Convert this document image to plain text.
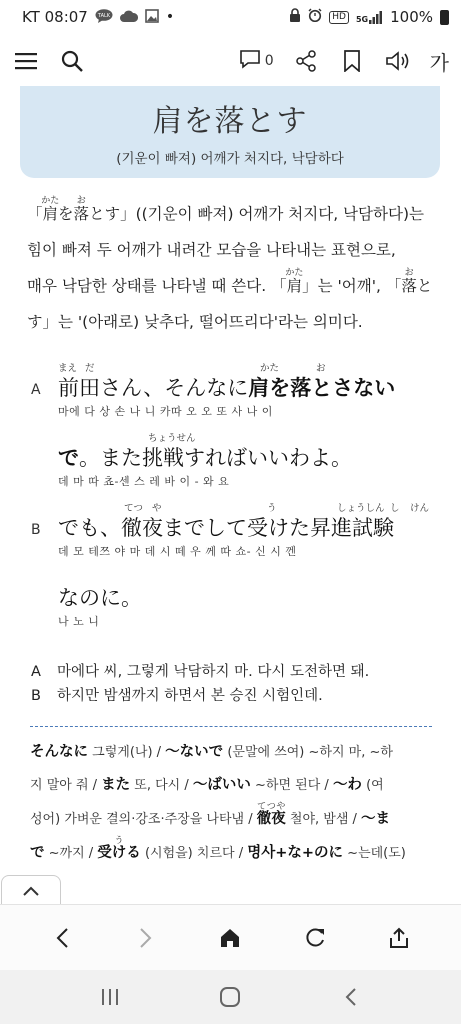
KT 08:07 TALK	•	HD	5G 100%
0	가
肩を落とす
(기운이 빠져) 어깨가 처지다, 낙담하다
「肩かたを落おとす」((기운이 빠져) 어깨가 처지다, 낙담하다)는
힘이 빠져 두 어깨가 내려간 모습을 나타내는 표현으로,
매우 낙담한 상태를 나타낼 때 쓴다. 「肩かた」는 '어깨', 「落おと
す」는 '(아래로) 낮추다, 떨어뜨리다'라는 의미다.
まえ だ	かた	お
A 前田さん、そんなに肩を落とさない
마에 다 상 손 나 니 카따 오 오 또 사 나 이
ちょうせん
で。また挑戦すればいいわよ。
데 마 따 쵸-센 스 레 바 이 - 와 요
てつ や	う	しょうしん し けん
B でも、徹夜までして受けた昇進試験
데 모 테쯔 야 마 데 시 떼 우 께 따 쇼- 신 시 껜
なのに。
나 노 니
A 마에다 씨, 그렇게 낙담하지 마. 다시 도전하면 돼.
B 하지만 밤샘까지 하면서 본 승진 시험인데.
そんなに 그렇게(나) / 〜ないで (문말에 쓰여) ~하지 마, ~하
지 말아 줘 / また 또, 다시 / 〜ばいい ~하면 된다 / 〜わ (여
성어) 가벼운 결의·강조·주장을 나타냄 / 徹夜てつや 철야, 밤샘 / 〜ま
で ~까지 / 受けるう (시험을) 치르다 / 명사+な+のに ~는데(도)
